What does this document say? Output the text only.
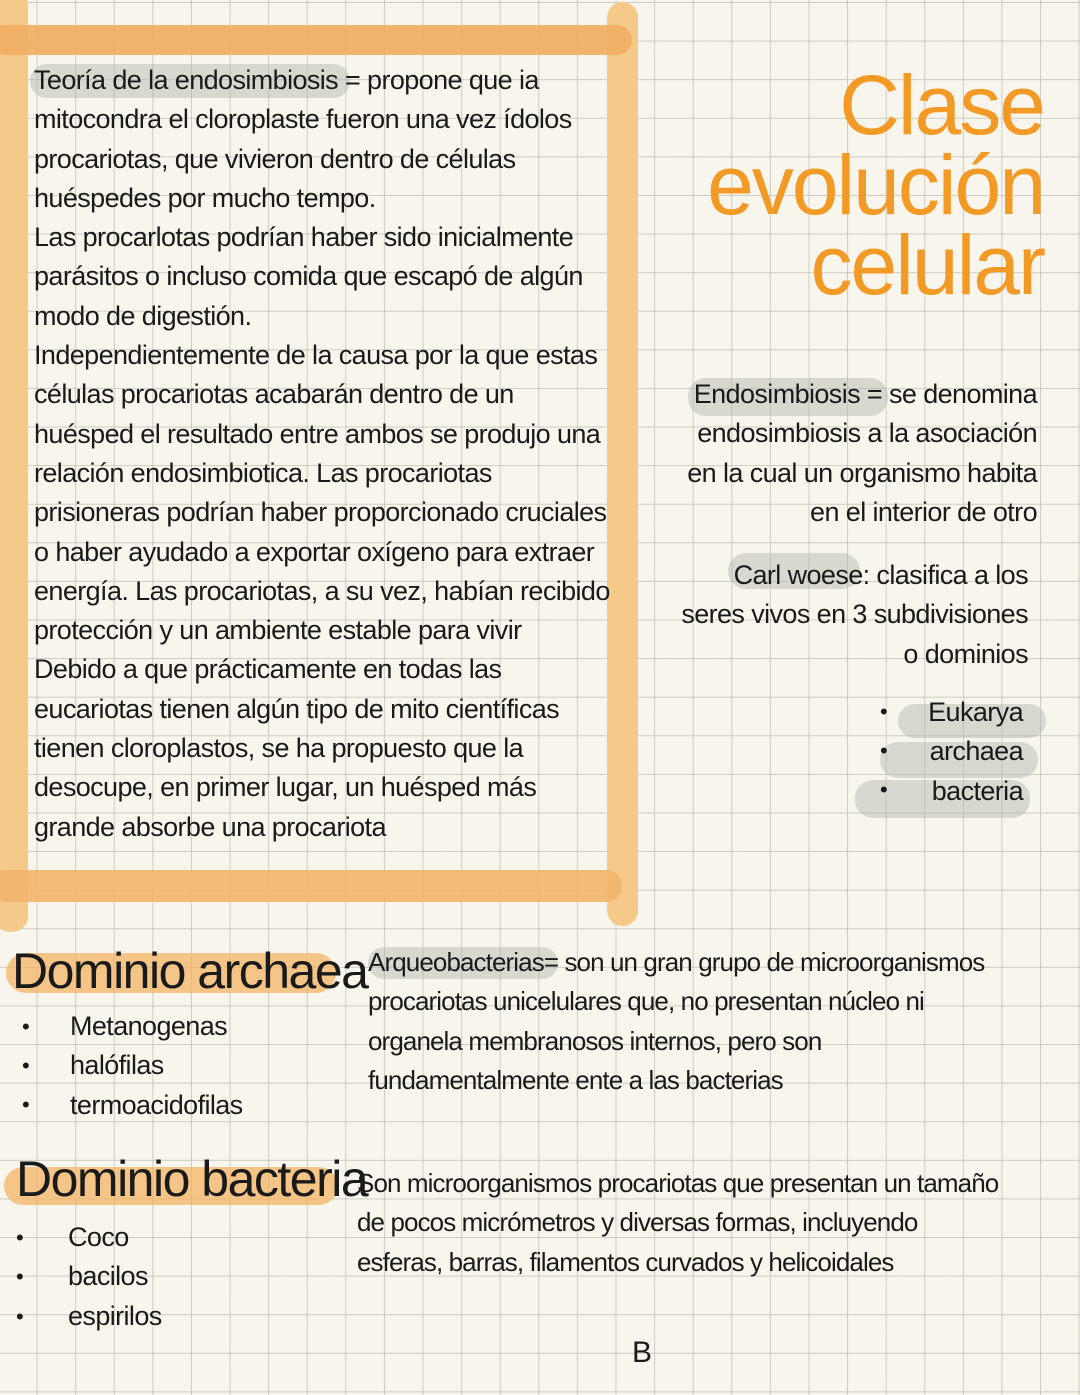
Teoría de la endosimbiosis = propone que ia
mitocondra el cloroplaste fueron una vez ídolos
procariotas, que vivieron dentro de células
huéspedes por mucho tempo.
Las procarlotas podrían haber sido inicialmente
parásitos o incluso comida que escapó de algún
modo de digestión.
Independientemente de la causa por la que estas
células procariotas acabarán dentro de un
huésped el resultado entre ambos se produjo una
relación endosimbiotica. Las procariotas
prisioneras podrían haber proporcionado cruciales
o haber ayudado a exportar oxígeno para extraer
energía. Las procariotas, a su vez, habían recibido
protección y un ambiente estable para vivir
Debido a que prácticamente en todas las
eucariotas tienen algún tipo de mito científicas
tienen cloroplastos, se ha propuesto que la
desocupe, en primer lugar, un huésped más
grande absorbe una procariota
Clase
evolución
celular
Endosimbiosis = se denomina
endosimbiosis a la asociación
en la cual un organismo habita
en el interior de otro
Carl woese: clasifica a los
seres vivos en 3 subdivisiones
o dominios
Eukarya
archaea
bacteria
•
•
•
Dominio archaea
Metanogenas
halófilas
termoacidofilas
•
•
•
Arqueobacterias= son un gran grupo de microorganismos
procariotas unicelulares que, no presentan núcleo ni
organela membranosos internos, pero son
fundamentalmente ente a las bacterias
Dominio bacteria
Coco
bacilos
espirilos
•
•
•
Son microorganismos procariotas que presentan un tamaño
de pocos micrómetros y diversas formas, incluyendo
esferas, barras, filamentos curvados y helicoidales
B
